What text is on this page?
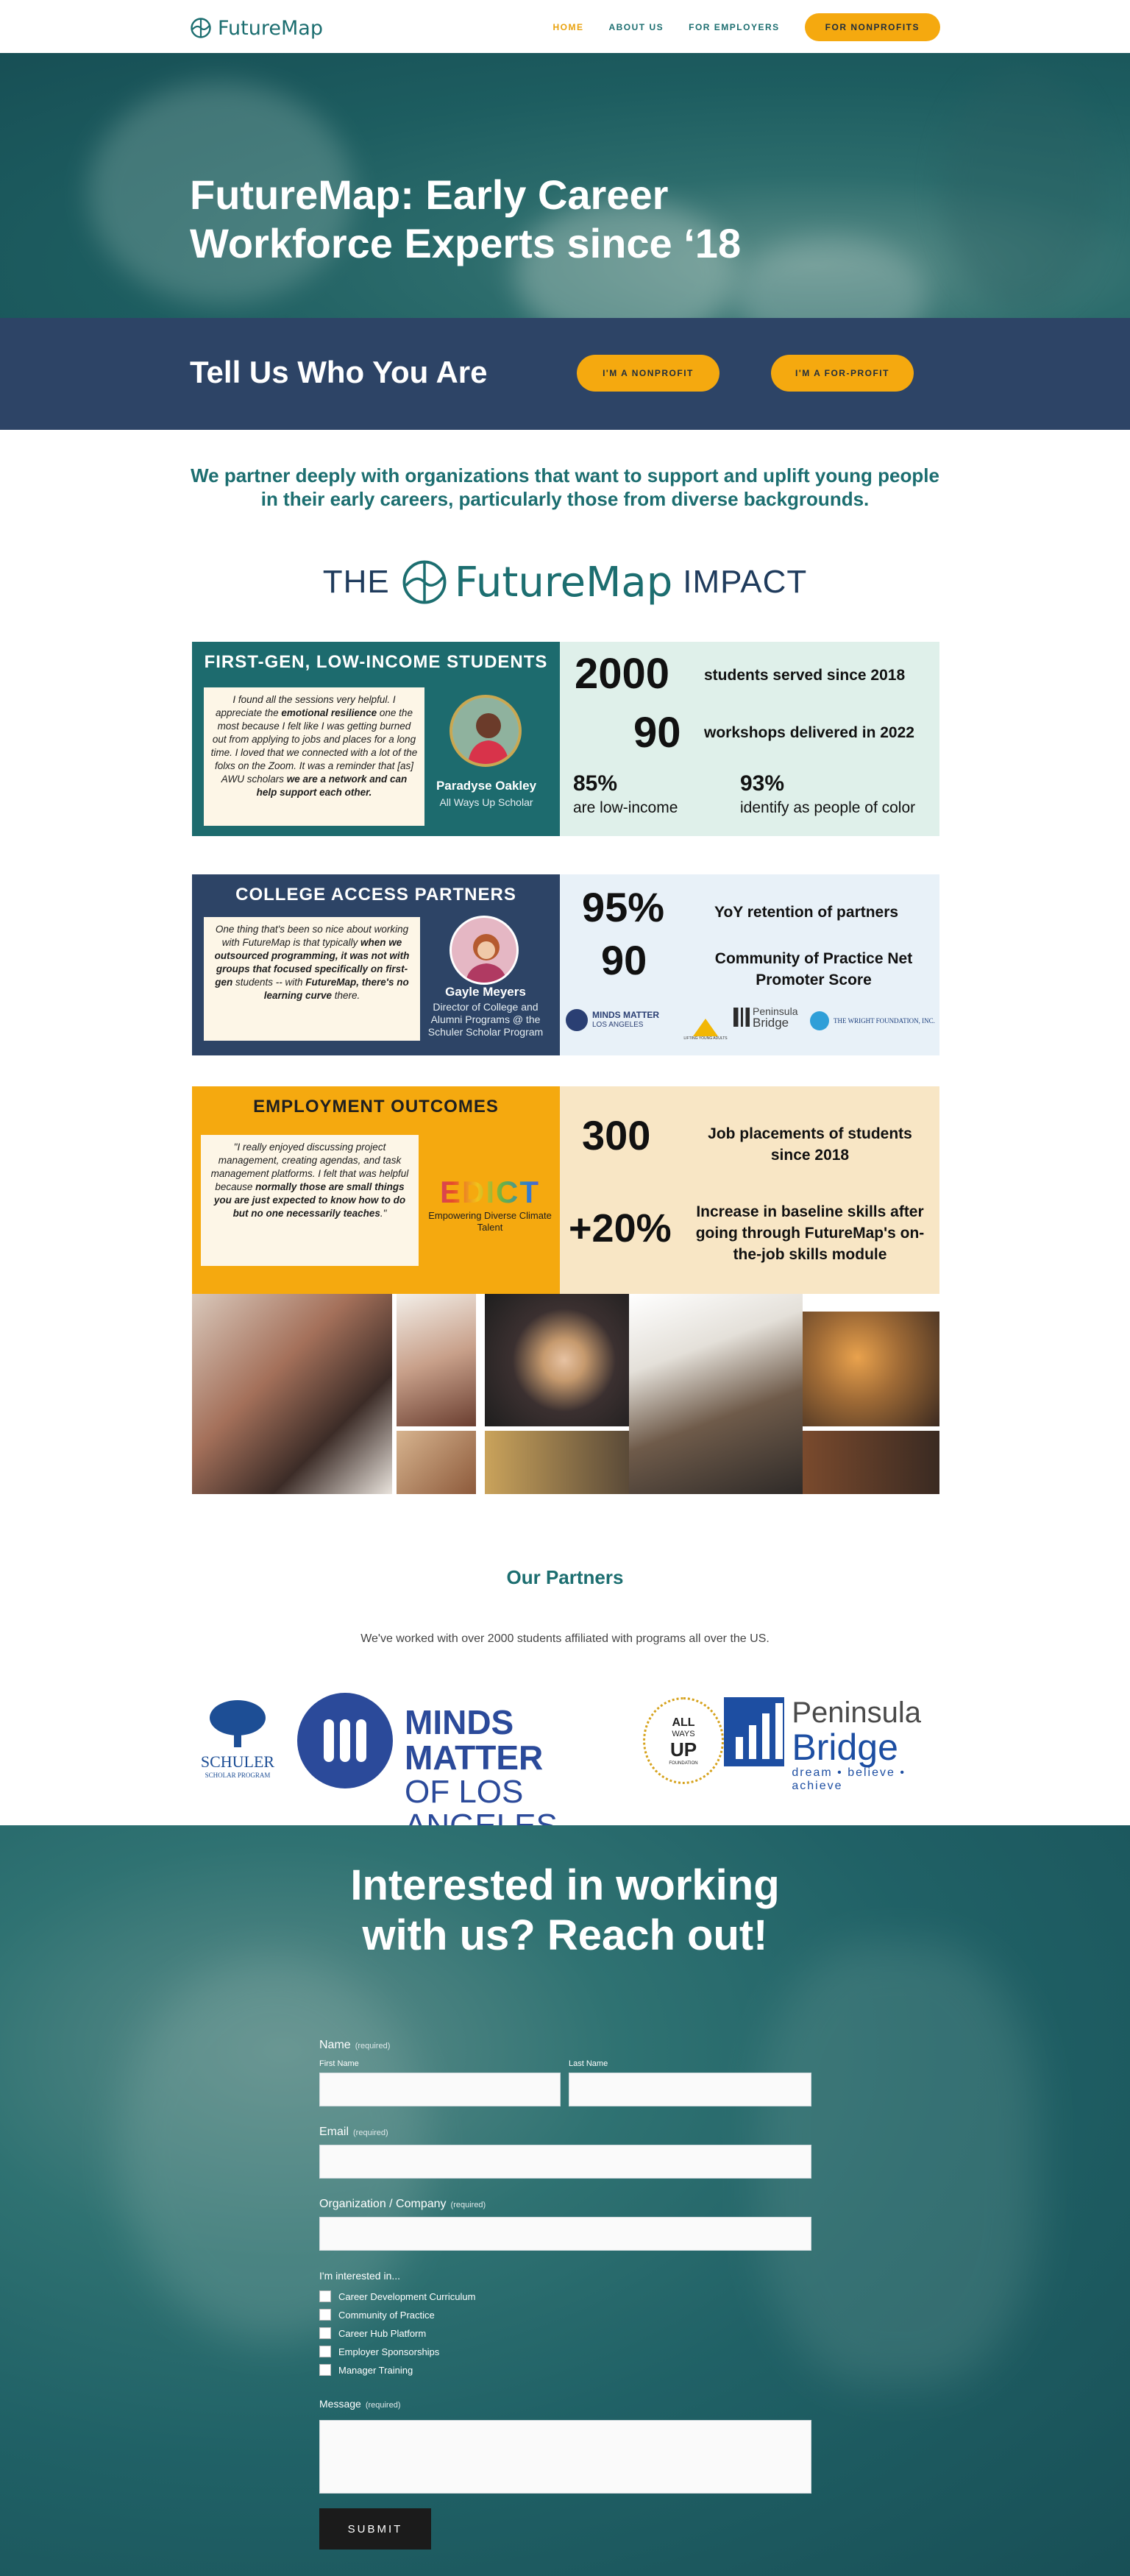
FutureMap	HOME	ABOUT US	FOR EMPLOYERS	FOR NONPROFITS
FutureMap: Early Career
Workforce Experts since ‘18
Tell Us Who You Are	I'M A NONPROFIT	I'M A FOR-PROFIT
We partner deeply with organizations that want to support and uplift young people in their early careers, particularly those from diverse backgrounds.
THE FutureMap IMPACT
FIRST-GEN, LOW-INCOME STUDENTS
I found all the sessions very helpful. I appreciate the emotional resilience one the most because I felt like I was getting burned out from applying to jobs and places for a long time. I loved that we connected with a lot of the folxs on the Zoom. It was a reminder that [as] AWU scholars we are a network and can help support each other.	Paradyse Oakley
All Ways Up Scholar
2000 students served since 2018
90 workshops delivered in 2022
85%
are low-income
93%
identify as people of color
COLLEGE ACCESS PARTNERS
One thing that's been so nice about working with FutureMap is that typically when we outsourced programming, it was not with groups that focused specifically on first-gen students -- with FutureMap, there's no learning curve there.	Gayle Meyers
Director of College and Alumni Programs @ the Schuler Scholar Program
95%	YoY retention of partners
90	Community of Practice Net Promoter Score
MINDS MATTER
LOS ANGELES
LIFTING YOUNG ADULTS
Peninsula
Bridge	THE WRIGHT FOUNDATION, INC.
EMPLOYMENT OUTCOMES
"I really enjoyed discussing project management, creating agendas, and task management platforms. I felt that was helpful because normally those are small things you are just expected to know how to do but no one necessarily teaches."
EDICT
Empowering Diverse Climate Talent
300	Job placements of students since 2018
+20% Increase in baseline skills after going through FutureMap's on-the-job skills module
Our Partners
We've worked with over 2000 students affiliated with programs all over the US.
SCHULER
SCHOLAR PROGRAM
MINDS MATTER
OF LOS
ALL
WAYS
UP
FOUNDATION
Peninsula
Bridge
dream • believe • achieve
Interested in working
with us? Reach out!
Name (required)
First Name	Last Name
Email (required)
Organization / Company (required)
I'm interested in...
Career Development Curriculum
Community of Practice
Career Hub Platform
Employer Sponsorships
Manager Training
Message (required)
SUBMIT
